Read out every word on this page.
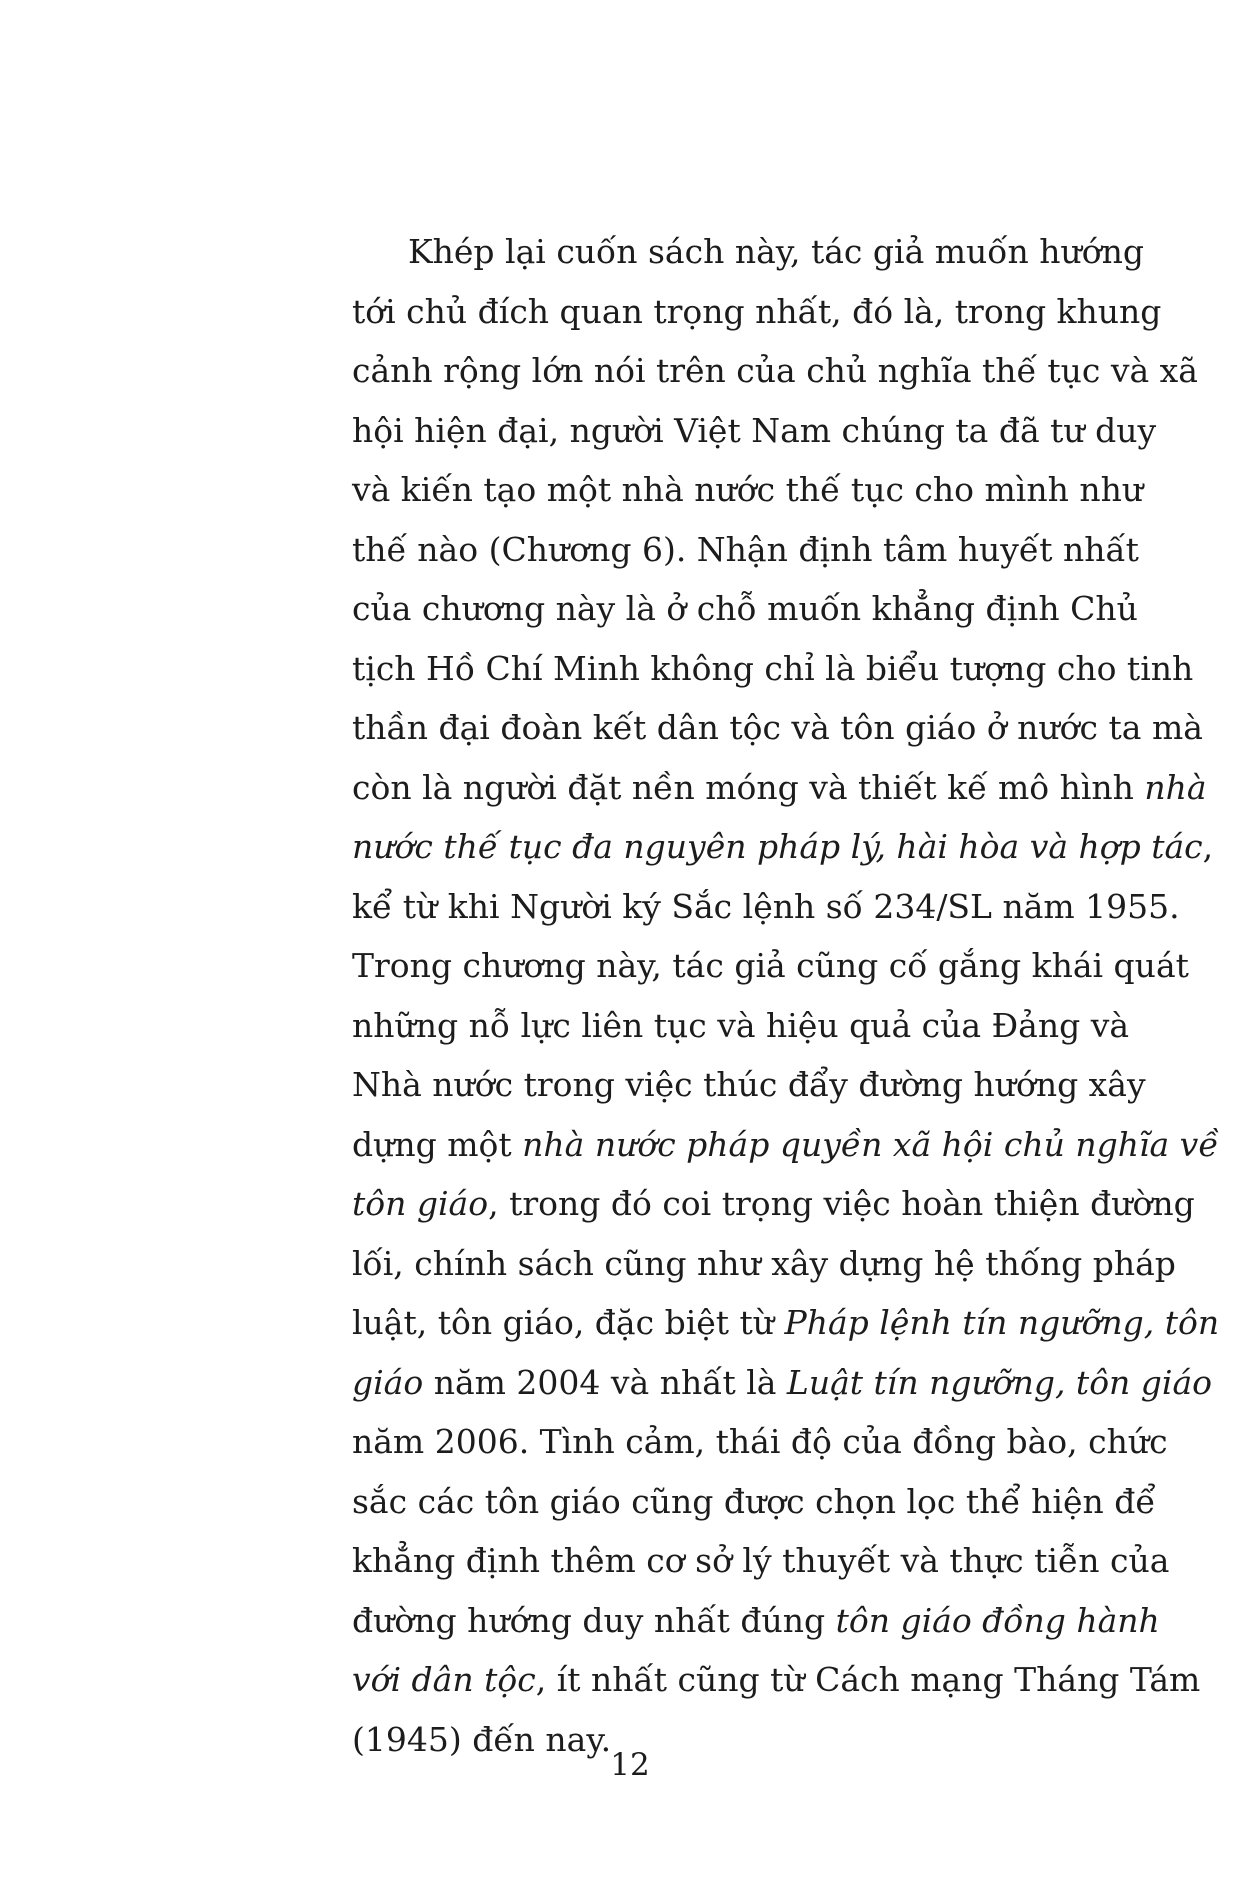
Khép lại cuốn sách này, tác giả muốn hướng
tới chủ đích quan trọng nhất, đó là, trong khung
cảnh rộng lớn nói trên của chủ nghĩa thế tục và xã
hội hiện đại, người Việt Nam chúng ta đã tư duy
và kiến tạo một nhà nước thế tục cho mình như
thế nào (Chương 6). Nhận định tâm huyết nhất
của chương này là ở chỗ muốn khẳng định Chủ
tịch Hồ Chí Minh không chỉ là biểu tượng cho tinh
thần đại đoàn kết dân tộc và tôn giáo ở nước ta mà
còn là người đặt nền móng và thiết kế mô hình nhà
nước thế tục đa nguyên pháp lý, hài hòa và hợp tác,
kể từ khi Người ký Sắc lệnh số 234/SL năm 1955.
Trong chương này, tác giả cũng cố gắng khái quát
những nỗ lực liên tục và hiệu quả của Đảng và
Nhà nước trong việc thúc đẩy đường hướng xây
dựng một nhà nước pháp quyền xã hội chủ nghĩa về
tôn giáo, trong đó coi trọng việc hoàn thiện đường
lối, chính sách cũng như xây dựng hệ thống pháp
luật, tôn giáo, đặc biệt từ Pháp lệnh tín ngưỡng, tôn
giáo năm 2004 và nhất là Luật tín ngưỡng, tôn giáo
năm 2006. Tình cảm, thái độ của đồng bào, chức
sắc các tôn giáo cũng được chọn lọc thể hiện để
khẳng định thêm cơ sở lý thuyết và thực tiễn của
đường hướng duy nhất đúng tôn giáo đồng hành
với dân tộc, ít nhất cũng từ Cách mạng Tháng Tám
(1945) đến nay.
12
